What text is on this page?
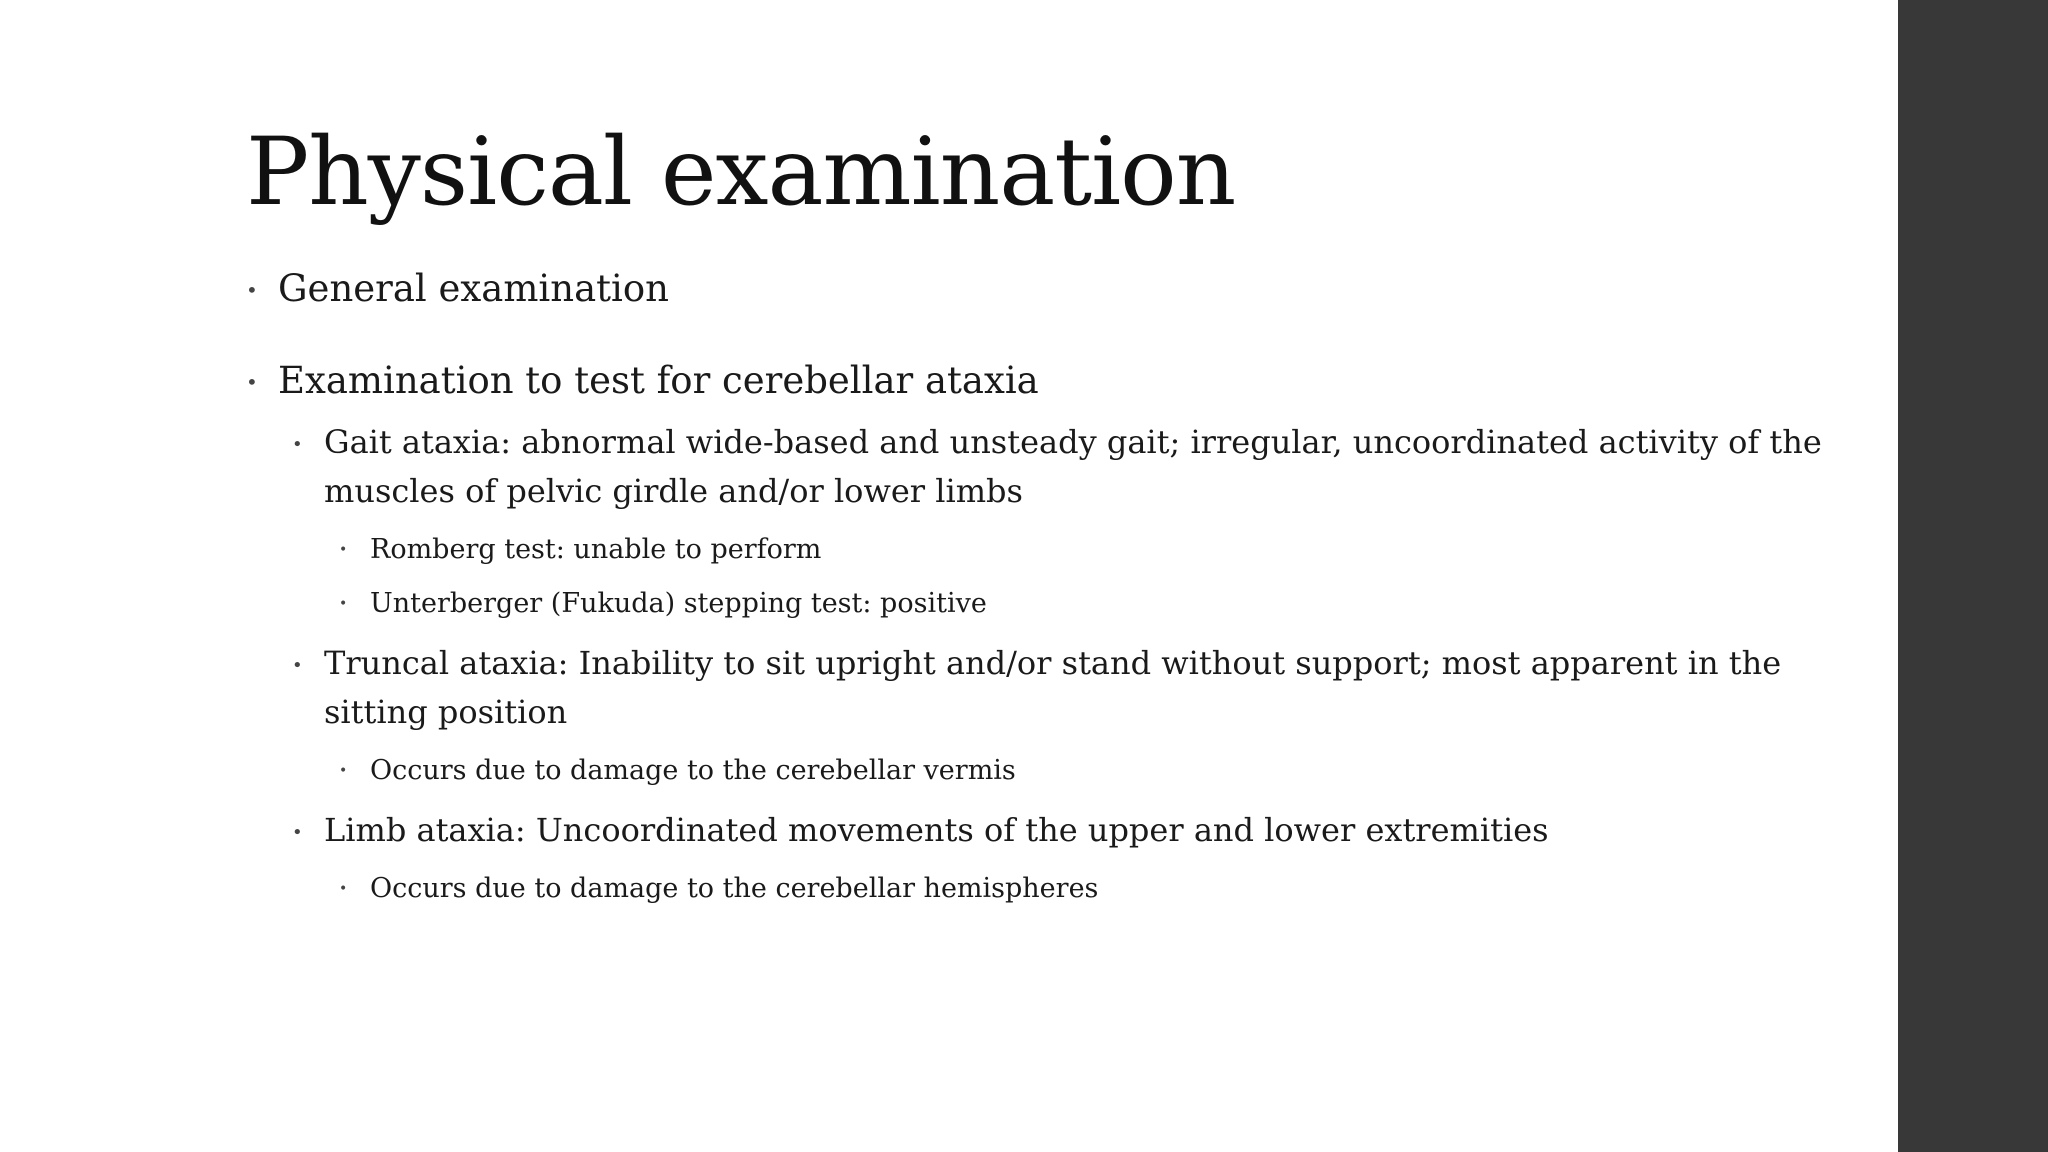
Physical examination
• General examination
• Examination to test for cerebellar ataxia
• Gait ataxia: abnormal wide-based and unsteady gait; irregular, uncoordinated activity of the muscles of pelvic girdle and/or lower limbs
• Romberg test: unable to perform
• Unterberger (Fukuda) stepping test: positive
• Truncal ataxia: Inability to sit upright and/or stand without support; most apparent in the sitting position
• Occurs due to damage to the cerebellar vermis
• Limb ataxia: Uncoordinated movements of the upper and lower extremities
• Occurs due to damage to the cerebellar hemispheres
